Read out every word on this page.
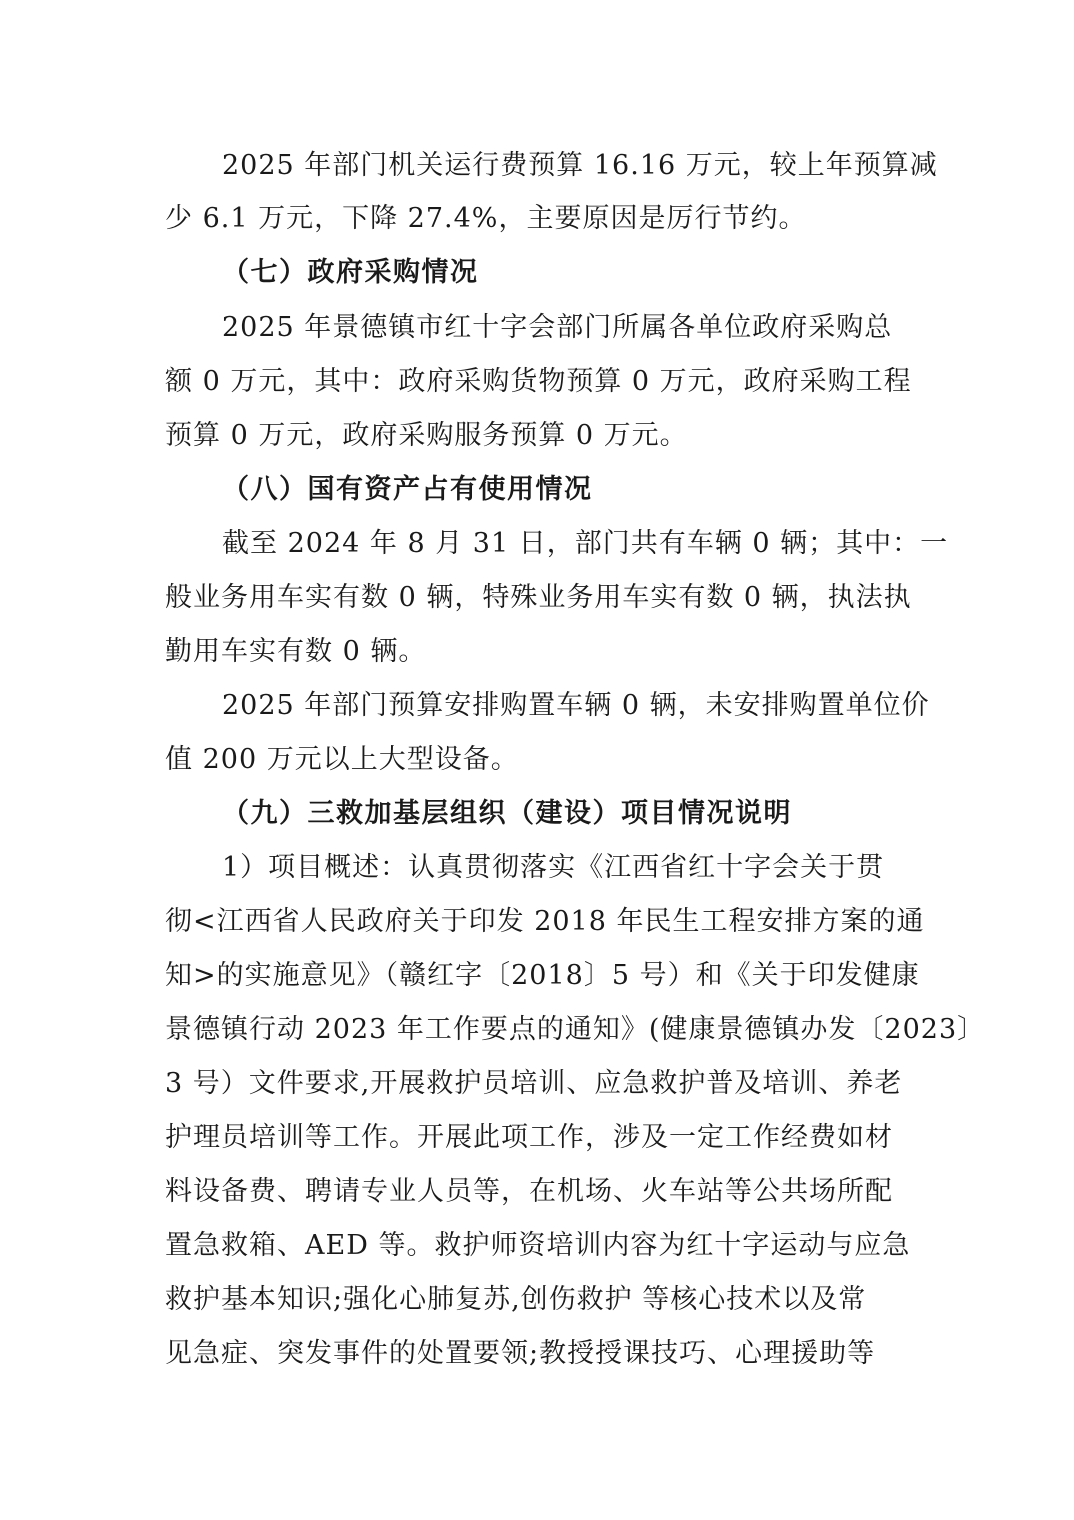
2025 年部门机关运行费预算 16.16 万元，较上年预算减
少 6.1 万元，下降 27.4%，主要原因是厉行节约。
（七）政府采购情况
2025 年景德镇市红十字会部门所属各单位政府采购总
额 0 万元，其中：政府采购货物预算 0 万元，政府采购工程
预算 0 万元，政府采购服务预算 0 万元。
（八）国有资产占有使用情况
截至 2024 年 8 月 31 日，部门共有车辆 0 辆；其中：一
般业务用车实有数 0 辆，特殊业务用车实有数 0 辆，执法执
勤用车实有数 0 辆。
2025 年部门预算安排购置车辆 0 辆，未安排购置单位价
值 200 万元以上大型设备。
（九）三救加基层组织（建设）项目情况说明
1）项目概述：认真贯彻落实《江西省红十字会关于贯
彻<江西省人民政府关于印发 2018 年民生工程安排方案的通
知>的实施意见》（赣红字〔2018〕5 号）和《关于印发健康
景德镇行动 2023 年工作要点的通知》(健康景德镇办发〔2023〕
3 号）文件要求,开展救护员培训、应急救护普及培训、养老
护理员培训等工作。开展此项工作，涉及一定工作经费如材
料设备费、聘请专业人员等，在机场、火车站等公共场所配
置急救箱、AED 等。救护师资培训内容为红十字运动与应急
救护基本知识;强化心肺复苏,创伤救护 等核心技术以及常
见急症、突发事件的处置要领;教授授课技巧、心理援助等
